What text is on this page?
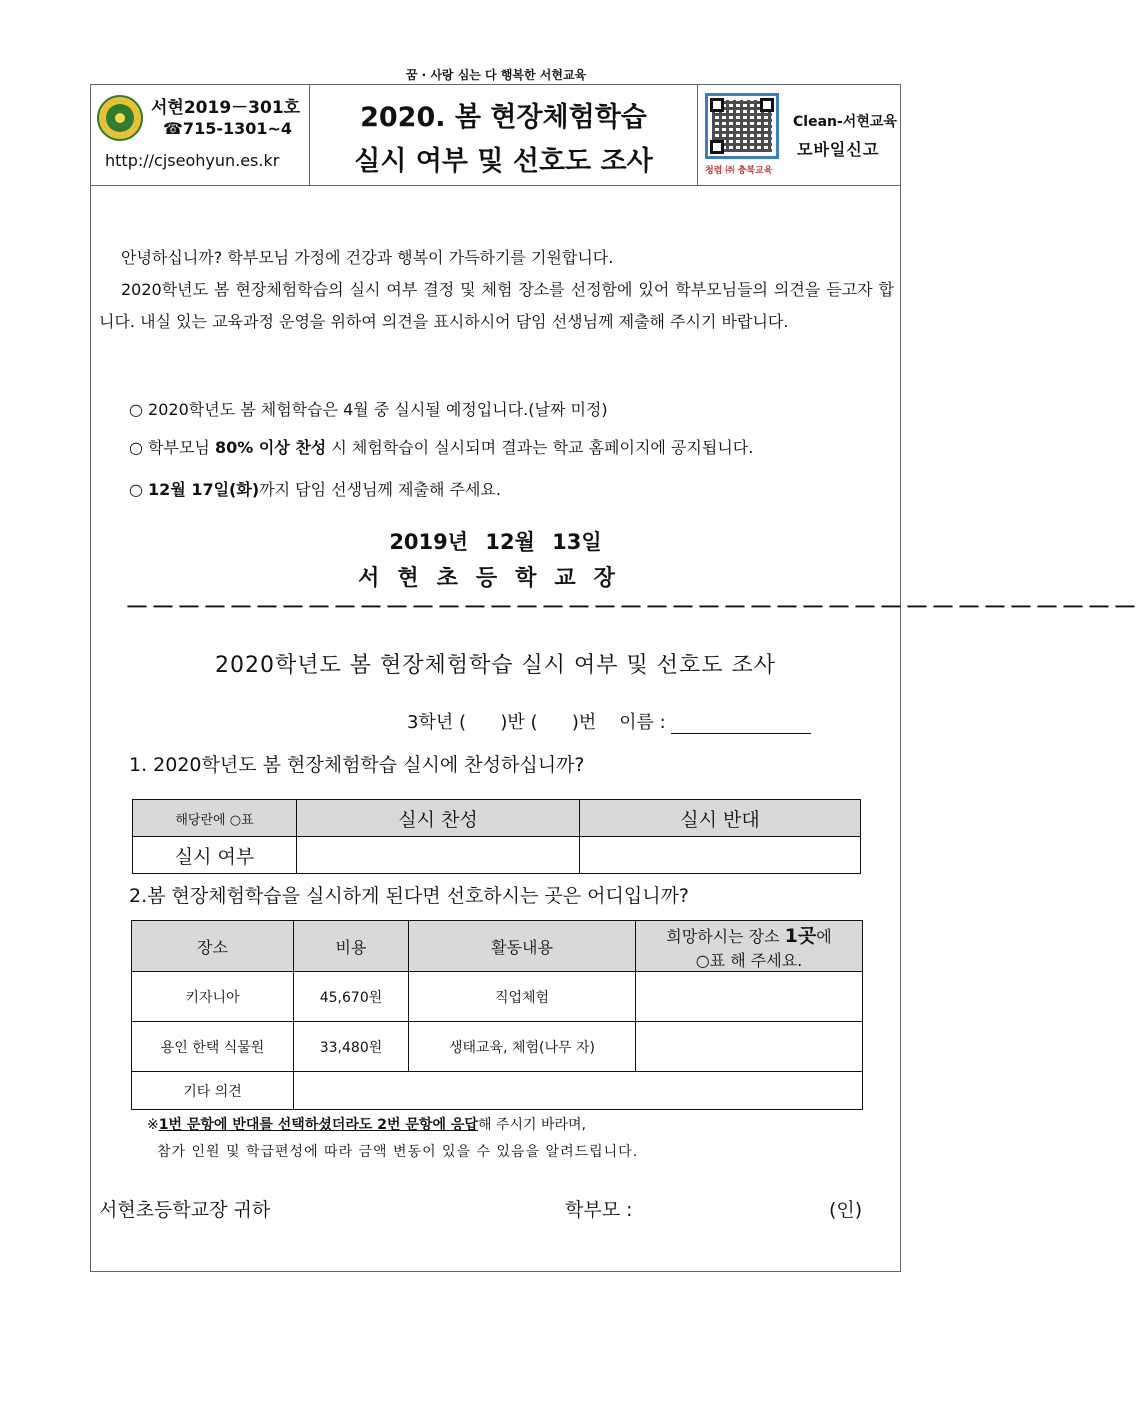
꿈 · 사랑 심는 다 행복한 서현교육
서현2019－301호
☎715-1301~4
http://cjseohyun.es.kr
2020. 봄 현장체험학습
실시 여부 및 선호도 조사	청렴 ㈜ 충북교육
Clean-서현교육
모바일신고
안녕하십니까? 학부모님 가정에 건강과 행복이 가득하기를 기원합니다.
2020학년도 봄 현장체험학습의 실시 여부 결정 및 체험 장소를 선정함에 있어 학부모님들의 의견을 듣고자 합니다. 내실 있는 교육과정 운영을 위하여 의견을 표시하시어 담임 선생님께 제출해 주시기 바랍니다.
○ 2020학년도 봄 체험학습은 4월 중 실시될 예정입니다.(날짜 미정)
○ 학부모님 80% 이상 찬성 시 체험학습이 실시되며 결과는 학교 홈페이지에 공지됩니다.
○ 12월 17일(화)까지 담임 선생님께 제출해 주세요.
2019년 12월 13일
서현초등학교장
－－－－－－－－－－－－－－－－－－－－－－－－－－－－－－－－－－－－－－－
2020학년도 봄 현장체험학습 실시 여부 및 선호도 조사
3학년 ( )반 ( )번 이름 :
1. 2020학년도 봄 현장체험학습 실시에 찬성하십니까?
해당란에 ○표	실시 찬성	실시 반대
실시 여부		
2.봄 현장체험학습을 실시하게 된다면 선호하시는 곳은 어디입니까?
장소	비용	활동내용	희망하시는 장소 1곳에
○표 해 주세요.
키자니아	45,670원	직업체험	
용인 한택 식물원	33,480원	생태교육, 체험(나무 자)	
기타 의견			
※1번 문항에 반대를 선택하셨더라도 2번 문항에 응답해 주시기 바라며,
참가 인원 및 학급편성에 따라 금액 변동이 있을 수 있음을 알려드립니다.
서현초등학교장 귀하	학부모 :	(인)
